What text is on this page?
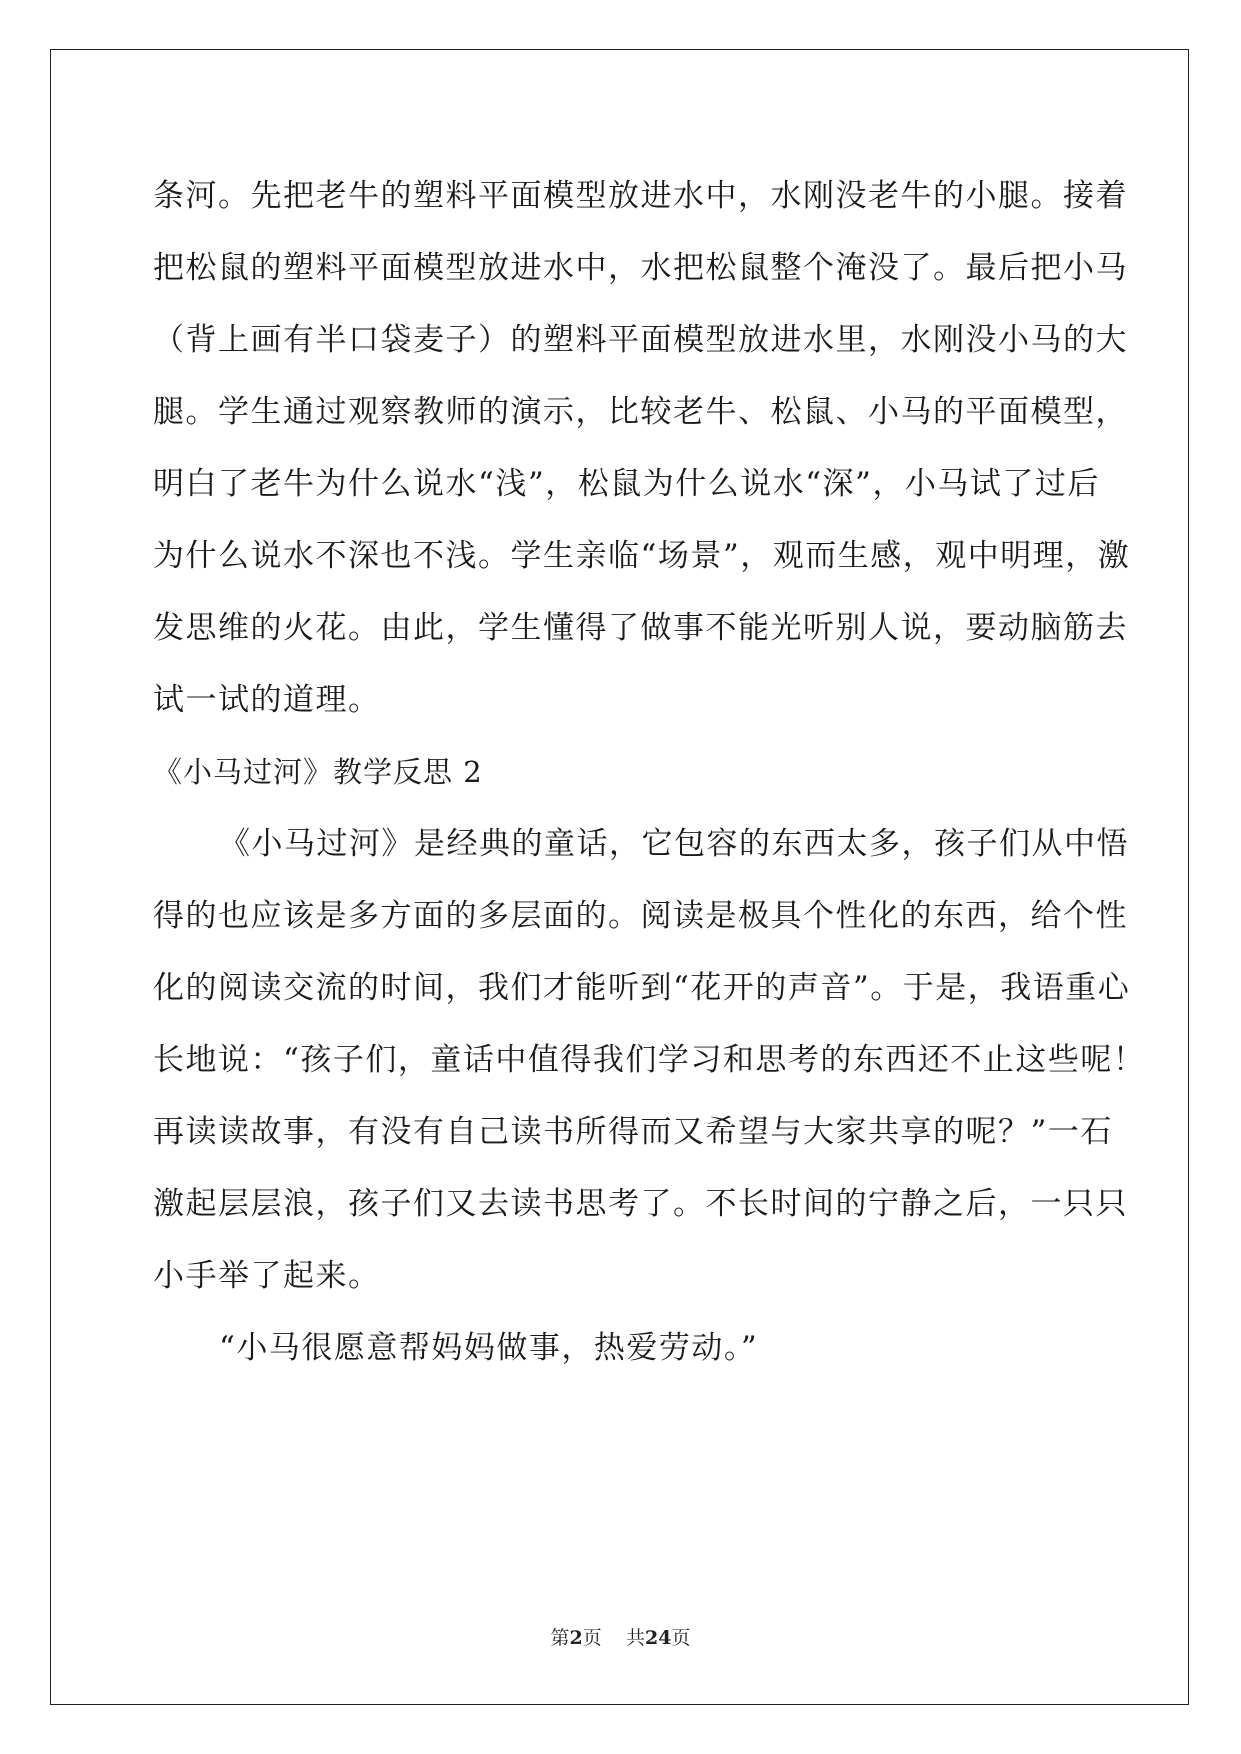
条河。先把老牛的塑料平面模型放进水中，水刚没老牛的小腿。接着
把松鼠的塑料平面模型放进水中，水把松鼠整个淹没了。最后把小马
（背上画有半口袋麦子）的塑料平面模型放进水里，水刚没小马的大
腿。学生通过观察教师的演示，比较老牛、松鼠、小马的平面模型，
明白了老牛为什么说水“浅”，松鼠为什么说水“深”，小马试了过后
为什么说水不深也不浅。学生亲临“场景”，观而生感，观中明理，激
发思维的火花。由此，学生懂得了做事不能光听别人说，要动脑筋去
试一试的道理。
《小马过河》教学反思 2
《小马过河》是经典的童话，它包容的东西太多，孩子们从中悟
得的也应该是多方面的多层面的。阅读是极具个性化的东西，给个性
化的阅读交流的时间，我们才能听到“花开的声音”。于是，我语重心
长地说：“孩子们，童话中值得我们学习和思考的东西还不止这些呢！
再读读故事，有没有自己读书所得而又希望与大家共享的呢？”一石
激起层层浪，孩子们又去读书思考了。不长时间的宁静之后，一只只
小手举了起来。
“小马很愿意帮妈妈做事，热爱劳动。”
第2页 共24页
